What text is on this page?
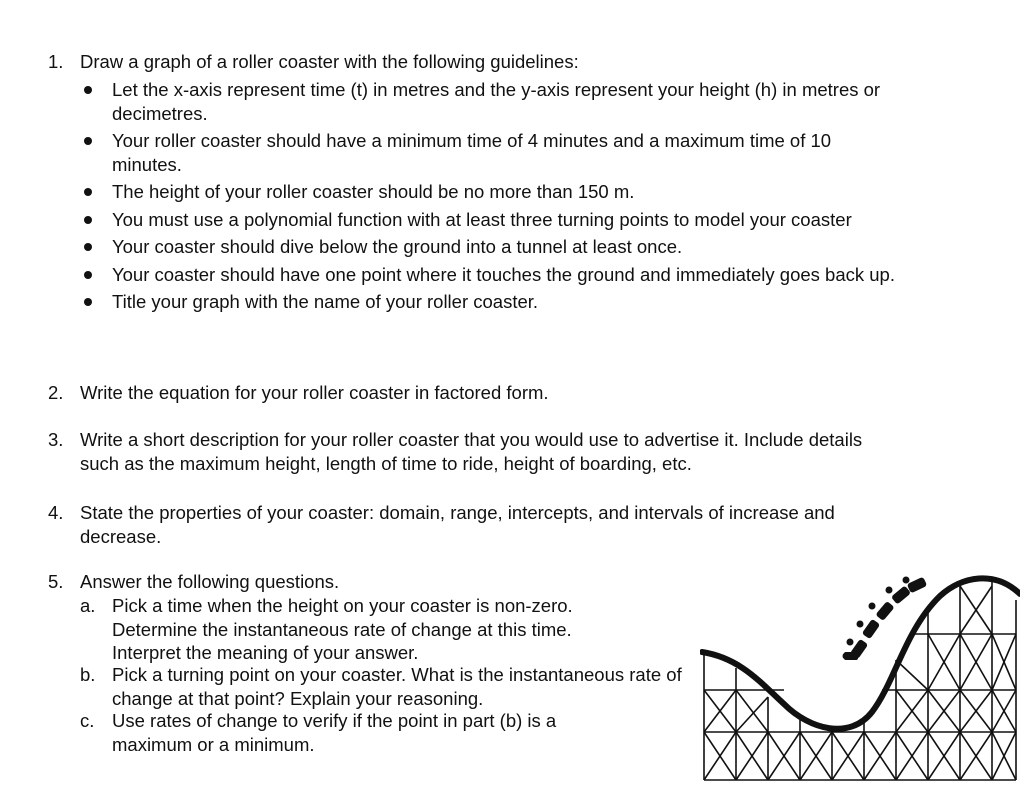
1. Draw a graph of a roller coaster with the following guidelines:
Let the x-axis represent time (t) in metres and the y-axis represent your height (h) in metres or decimetres.
Your roller coaster should have a minimum time of 4 minutes and a maximum time of 10 minutes.
The height of your roller coaster should be no more than 150 m.
You must use a polynomial function with at least three turning points to model your coaster
Your coaster should dive below the ground into a tunnel at least once.
Your coaster should have one point where it touches the ground and immediately goes back up.
Title your graph with the name of your roller coaster.
2. Write the equation for your roller coaster in factored form.
3. Write a short description for your roller coaster that you would use to advertise it. Include details such as the maximum height, length of time to ride, height of boarding, etc.
4. State the properties of your coaster: domain, range, intercepts, and intervals of increase and decrease.
5. Answer the following questions.
a. Pick a time when the height on your coaster is non-zero. Determine the instantaneous rate of change at this time. Interpret the meaning of your answer.
b. Pick a turning point on your coaster. What is the instantaneous rate of change at that point? Explain your reasoning.
c. Use rates of change to verify if the point in part (b) is a maximum or a minimum.
